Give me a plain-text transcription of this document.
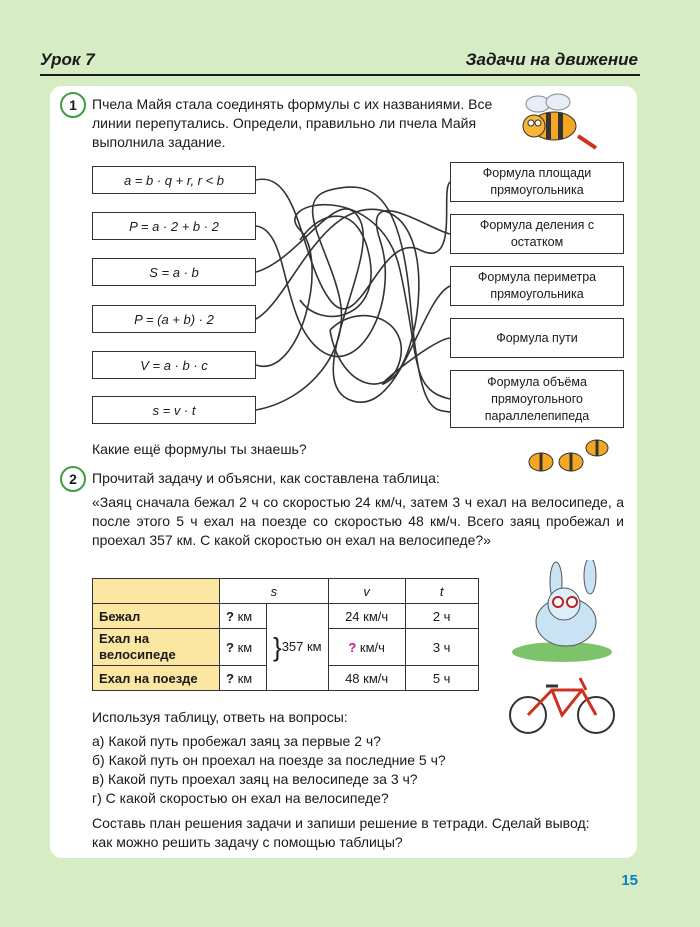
Урок 7	Задачи на движение
1	Пчела Майя стала соединять формулы с их названиями. Все линии перепутались. Определи, правильно ли пчела Майя выполнила задание.
a = b · q + r, r < b
P = a · 2 + b · 2
S = a · b
P = (a + b) · 2
V = a · b · c
s = v · t
Формула площади прямоугольника
Формула деления с остатком
Формула периметра прямоугольника
Формула пути
Формула объёма прямоугольного параллелепипеда
Какие ещё формулы ты знаешь?
2	Прочитай задачу и объясни, как составлена таблица:
«Заяц сначала бежал 2 ч со скоростью 24 км/ч, затем 3 ч ехал на велосипеде, а после этого 5 ч ехал на поезде со скоростью 48 км/ч. Всего заяц пробежал и проехал 357 км. С какой скоростью он ехал на велосипеде?»
	s		v	t
Бежал	? км	}357 км	24 км/ч	2 ч
Ехал на велосипеде	? км		? км/ч	3 ч
Ехал на поезде	? км		48 км/ч	5 ч
Используя таблицу, ответь на вопросы:
а) Какой путь пробежал заяц за первые 2 ч?
б) Какой путь он проехал на поезде за последние 5 ч?
в) Какой путь проехал заяц на велосипеде за 3 ч?
г) С какой скоростью он ехал на велосипеде?
Составь план решения задачи и запиши решение в тетради. Сделай вывод: как можно решить задачу с помощью таблицы?
15
